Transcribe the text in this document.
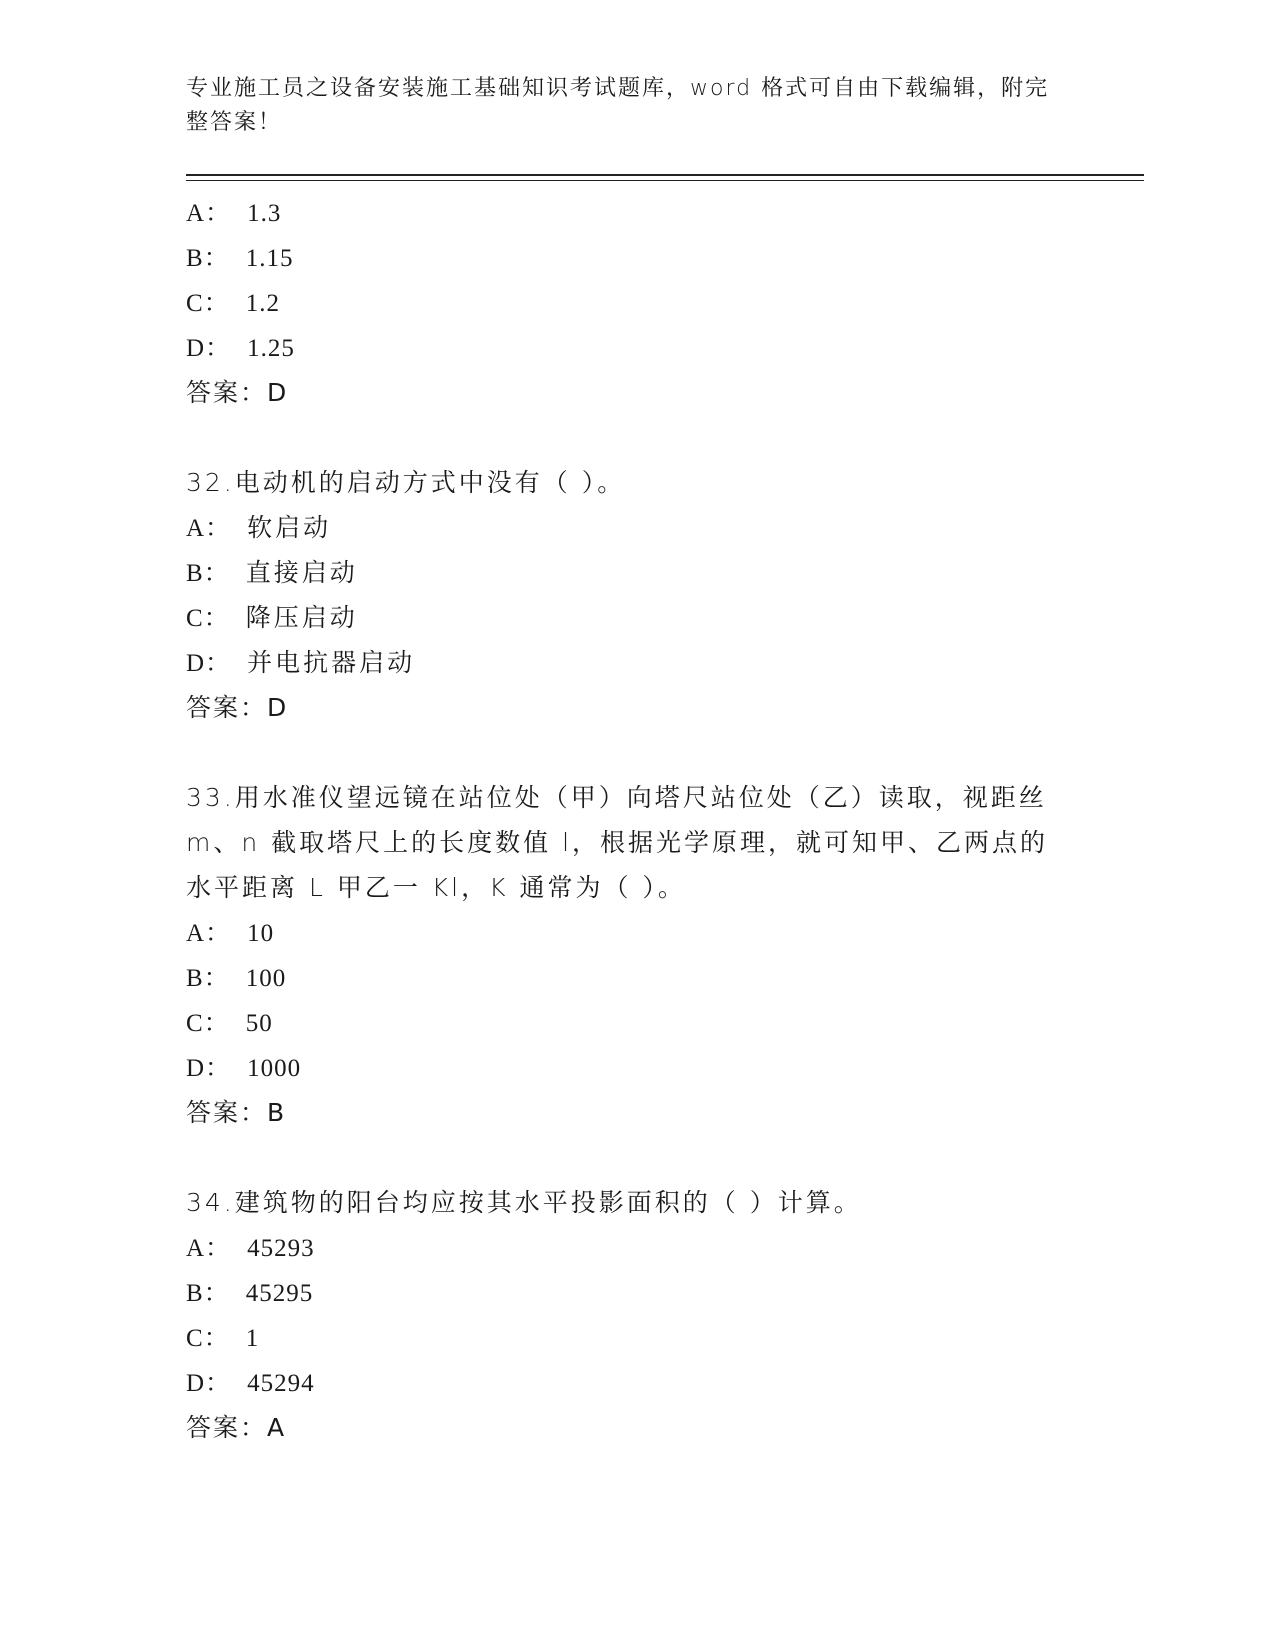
专业施工员之设备安装施工基础知识考试题库，word 格式可自由下载编辑，附完
整答案！
A： 1.3
B： 1.15
C： 1.2
D： 1.25
答案：D
32.电动机的启动方式中没有（ ）。
A： 软启动
B： 直接启动
C： 降压启动
D： 并电抗器启动
答案：D
33.用水准仪望远镜在站位处（甲）向塔尺站位处（乙）读取，视距丝
m、n 截取塔尺上的长度数值 l，根据光学原理，就可知甲、乙两点的
水平距离 L 甲乙一 Kl，K 通常为（ ）。
A： 10
B： 100
C： 50
D： 1000
答案：B
34.建筑物的阳台均应按其水平投影面积的（ ）计算。
A： 45293
B： 45295
C： 1
D： 45294
答案：A
